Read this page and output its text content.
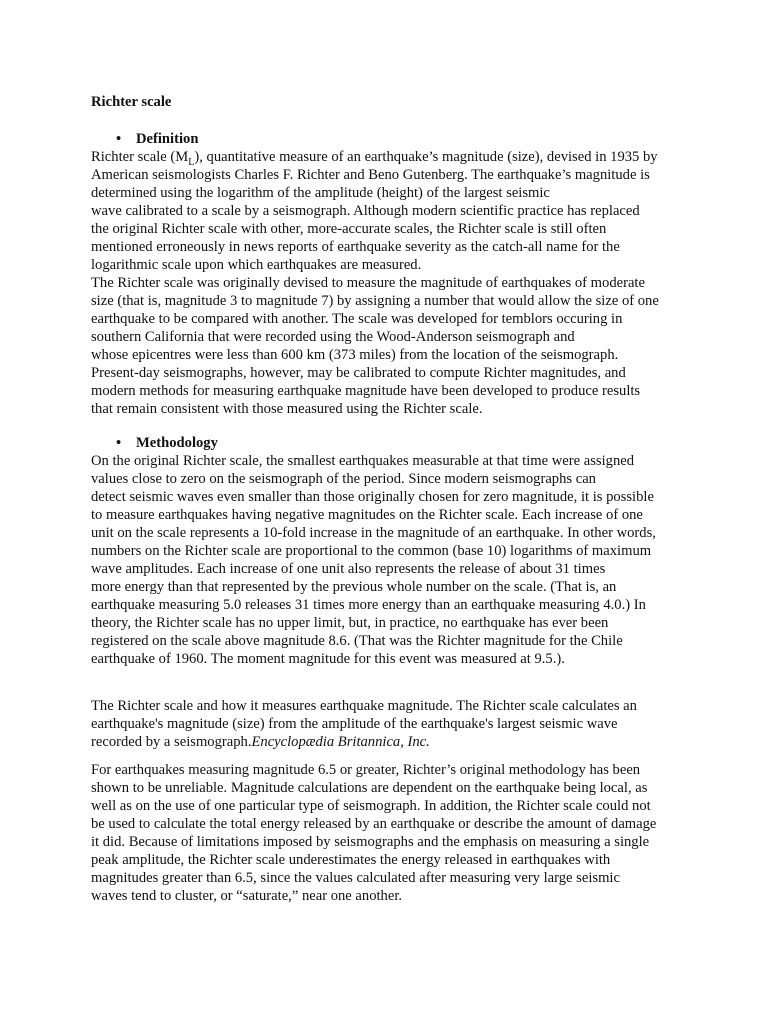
Richter scale

• Definition
Richter scale $(M_L)$, quantitative measure of an earthquake’s magnitude (size), devised in 1935 by
American seismologists Charles F. Richter and Beno Gutenberg. The earthquake’s magnitude is
determined using the logarithm of the amplitude (height) of the largest seismic
wave calibrated to a scale by a seismograph. Although modern scientific practice has replaced
the original Richter scale with other, more-accurate scales, the Richter scale is still often
mentioned erroneously in news reports of earthquake severity as the catch-all name for the
logarithmic scale upon which earthquakes are measured.
The Richter scale was originally devised to measure the magnitude of earthquakes of moderate
size (that is, magnitude 3 to magnitude 7) by assigning a number that would allow the size of one
earthquake to be compared with another. The scale was developed for temblors occuring in
southern California that were recorded using the Wood-Anderson seismograph and
whose epicentres were less than 600 km (373 miles) from the location of the seismograph.
Present-day seismographs, however, may be calibrated to compute Richter magnitudes, and
modern methods for measuring earthquake magnitude have been developed to produce results
that remain consistent with those measured using the Richter scale.
• Methodology
On the original Richter scale, the smallest earthquakes measurable at that time were assigned
values close to zero on the seismograph of the period. Since modern seismographs can
detect seismic waves even smaller than those originally chosen for zero magnitude, it is possible
to measure earthquakes having negative magnitudes on the Richter scale. Each increase of one
unit on the scale represents a 10-fold increase in the magnitude of an earthquake. In other words,
numbers on the Richter scale are proportional to the common (base 10) logarithms of maximum
wave amplitudes. Each increase of one unit also represents the release of about 31 times
more energy than that represented by the previous whole number on the scale. (That is, an
earthquake measuring 5.0 releases 31 times more energy than an earthquake measuring 4.0.) In
theory, the Richter scale has no upper limit, but, in practice, no earthquake has ever been
registered on the scale above magnitude 8.6. (That was the Richter magnitude for the Chile
earthquake of 1960. The moment magnitude for this event was measured at 9.5.).
The Richter scale and how it measures earthquake magnitude. The Richter scale calculates an
earthquake's magnitude (size) from the amplitude of the earthquake's largest seismic wave
recorded by a seismograph.Encyclopædia Britannica, Inc.
For earthquakes measuring magnitude 6.5 or greater, Richter’s original methodology has been
shown to be unreliable. Magnitude calculations are dependent on the earthquake being local, as
well as on the use of one particular type of seismograph. In addition, the Richter scale could not
be used to calculate the total energy released by an earthquake or describe the amount of damage
it did. Because of limitations imposed by seismographs and the emphasis on measuring a single
peak amplitude, the Richter scale underestimates the energy released in earthquakes with
magnitudes greater than 6.5, since the values calculated after measuring very large seismic
waves tend to cluster, or “saturate,” near one another.
